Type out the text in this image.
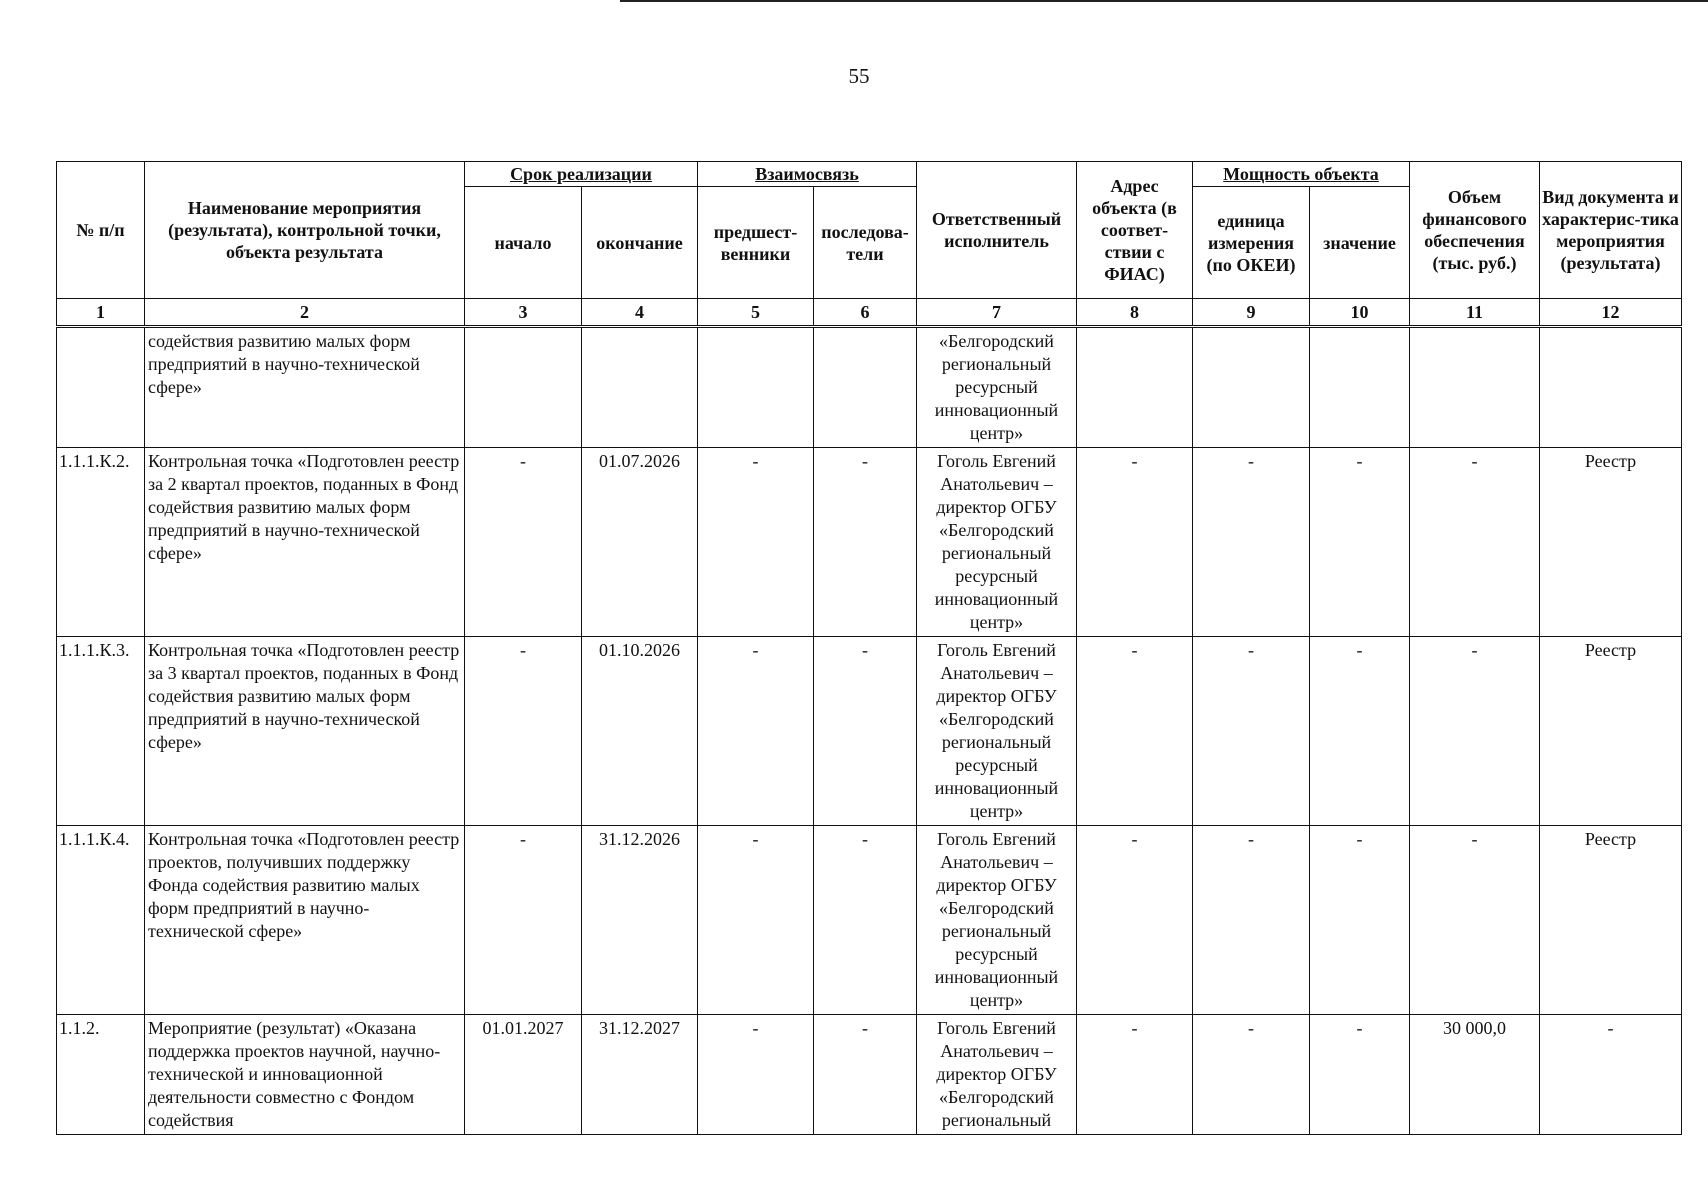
55
№ п/п	Наименование мероприятия (результата), контрольной точки, объекта результата	Срок реализации		Взаимосвязь		Ответственный исполнитель	Адрес объекта (в соответ-ствии с ФИАС)	Мощность объекта		Объем финансового обеспечения (тыс. руб.)	Вид документа и характерис-тика мероприятия (результата)
		начало	окончание	предшест-венники	последова-тели			единица измерения (по ОКЕИ)	значение		
1	2	3	4	5	6	7	8	9	10	11	12
	содействия развитию малых форм предприятий в научно-технической сфере»					«Белгородский региональный ресурсный инновационный центр»					
1.1.1.К.2.	Контрольная точка «Подготовлен реестр за 2 квартал проектов, поданных в Фонд содействия развитию малых форм предприятий в научно-технической сфере»	-	01.07.2026	-	-	Гоголь Евгений Анатольевич – директор ОГБУ «Белгородский региональный ресурсный инновационный центр»	-	-	-	-	Реестр
1.1.1.К.3.	Контрольная точка «Подготовлен реестр за 3 квартал проектов, поданных в Фонд содействия развитию малых форм предприятий в научно-технической сфере»	-	01.10.2026	-	-	Гоголь Евгений Анатольевич – директор ОГБУ «Белгородский региональный ресурсный инновационный центр»	-	-	-	-	Реестр
1.1.1.К.4.	Контрольная точка «Подготовлен реестр проектов, получивших поддержку Фонда содействия развитию малых форм предприятий в научно-технической сфере»	-	31.12.2026	-	-	Гоголь Евгений Анатольевич – директор ОГБУ «Белгородский региональный ресурсный инновационный центр»	-	-	-	-	Реестр
1.1.2.	Мероприятие (результат) «Оказана поддержка проектов научной, научно-технической и инновационной деятельности совместно с Фондом содействия	01.01.2027	31.12.2027	-	-	Гоголь Евгений Анатольевич – директор ОГБУ «Белгородский региональный	-	-	-	30 000,0	-
